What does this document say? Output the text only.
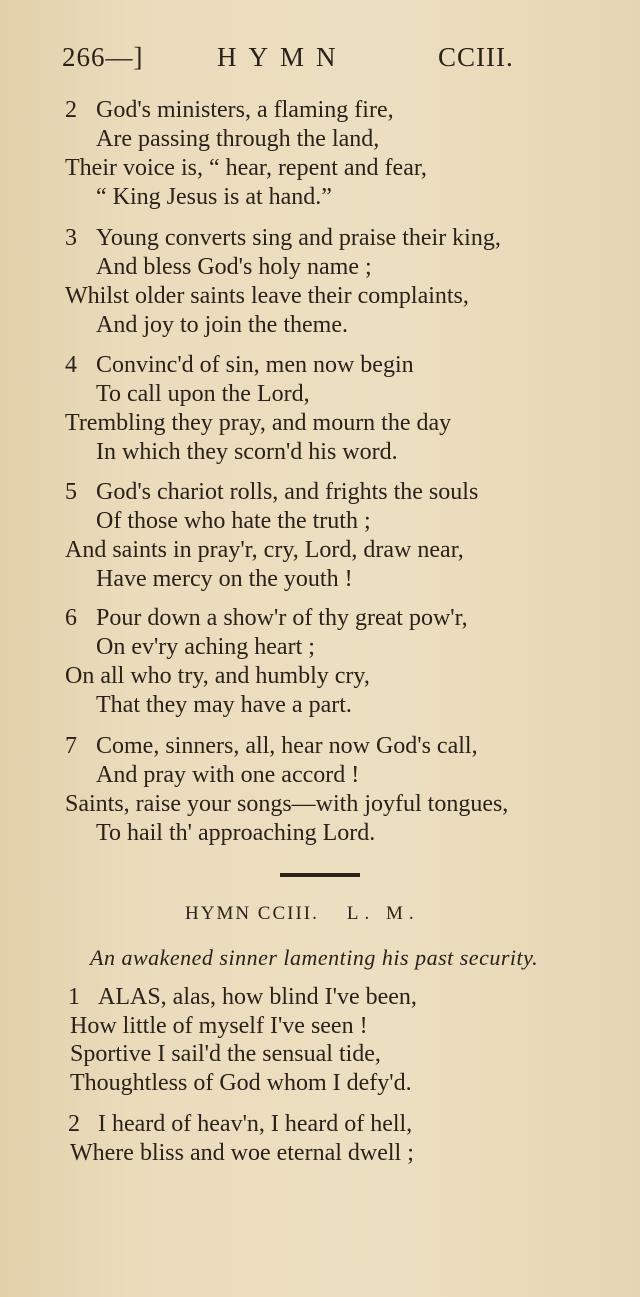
266—]	HYMN	CCIII.
2 God's ministers, a flaming fire,
Are passing through the land,
Their voice is, “ hear, repent and fear,
“ King Jesus is at hand.”
3 Young converts sing and praise their king,
And bless God's holy name ;
Whilst older saints leave their complaints,
And joy to join the theme.
4 Convinc'd of sin, men now begin
To call upon the Lord,
Trembling they pray, and mourn the day
In which they scorn'd his word.
5 God's chariot rolls, and frights the souls
Of those who hate the truth ;
And saints in pray'r, cry, Lord, draw near,
Have mercy on the youth !
6 Pour down a show'r of thy great pow'r,
On ev'ry aching heart ;
On all who try, and humbly cry,
That they may have a part.
7 Come, sinners, all, hear now God's call,
And pray with one accord !
Saints, raise your songs—with joyful tongues,
To hail th' approaching Lord.
HYMN CCIII. L. M.
An awakened sinner lamenting his past security.
1 ALAS, alas, how blind I've been,
How little of myself I've seen !
Sportive I sail'd the sensual tide,
Thoughtless of God whom I defy'd.
2 I heard of heav'n, I heard of hell,
Where bliss and woe eternal dwell ;
